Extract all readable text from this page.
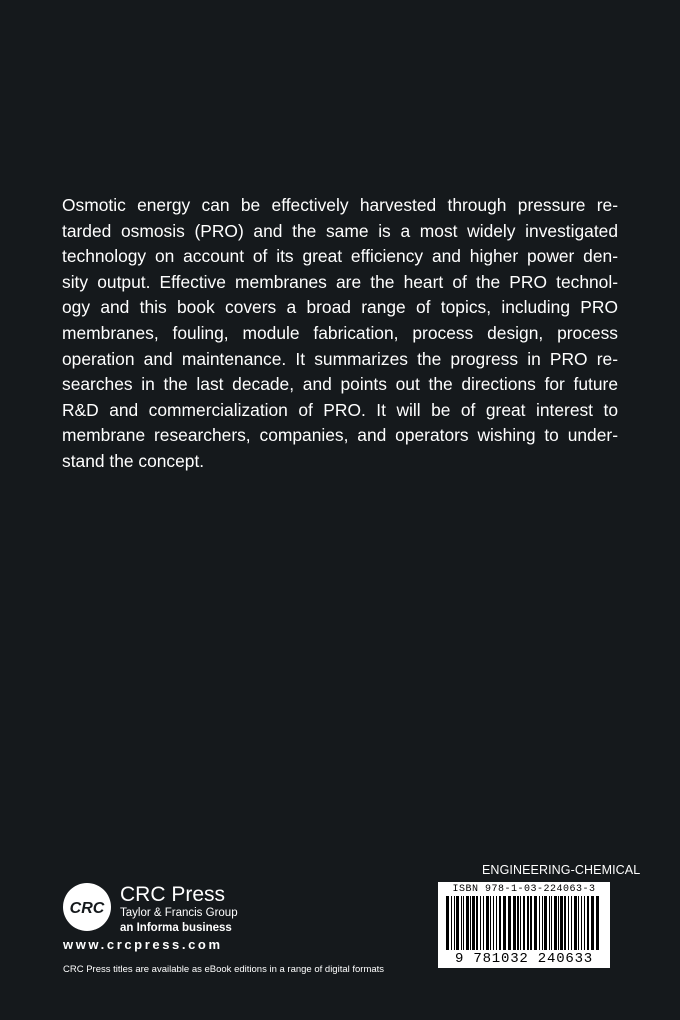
Osmotic energy can be effectively harvested through pressure re-
tarded osmosis (PRO) and the same is a most widely investigated
technology on account of its great efficiency and higher power den-
sity output. Effective membranes are the heart of the PRO technol-
ogy and this book covers a broad range of topics, including PRO
membranes, fouling, module fabrication, process design, process
operation and maintenance. It summarizes the progress in PRO re-
searches in the last decade, and points out the directions for future
R&D and commercialization of PRO. It will be of great interest to
membrane researchers, companies, and operators wishing to under-
stand the concept.
ENGINEERING-CHEMICAL
ISBN 978-1-03-224063-3
9 781032 240633
CRC
CRC Press
Taylor & Francis Group
an Informa business
www.crcpress.com
CRC Press titles are available as eBook editions in a range of digital formats
